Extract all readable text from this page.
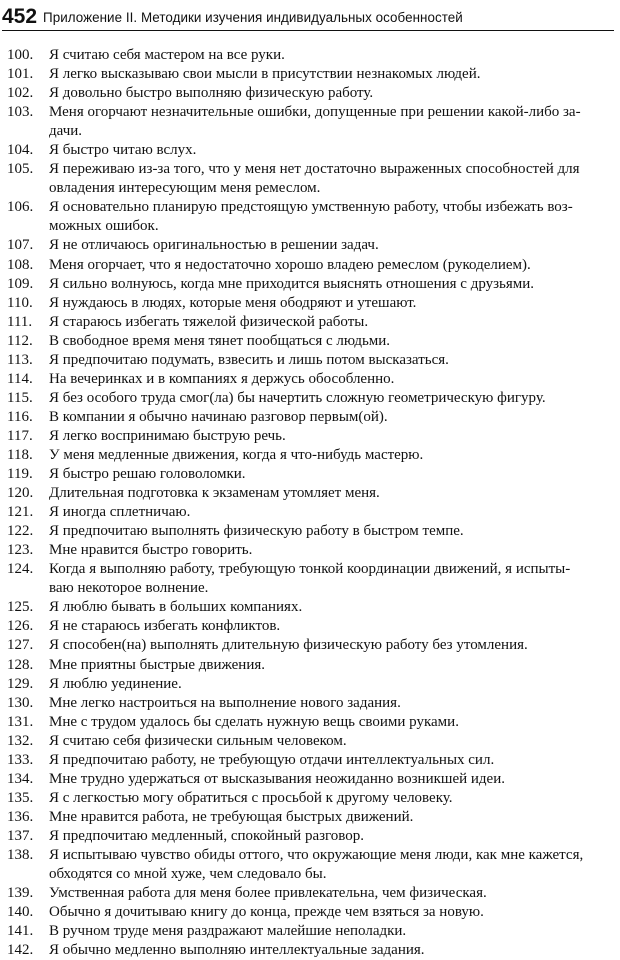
452 Приложение II. Методики изучения индивидуальных особенностей
100.	Я считаю себя мастером на все руки.
101.	Я легко высказываю свои мысли в присутствии незнакомых людей.
102.	Я довольно быстро выполняю физическую работу.
103.	Меня огорчают незначительные ошибки, допущенные при решении какой-либо за-
дачи.
104.	Я быстро читаю вслух.
105.	Я переживаю из-за того, что у меня нет достаточно выраженных способностей для
овладения интересующим меня ремеслом.
106.	Я основательно планирую предстоящую умственную работу, чтобы избежать воз-
можных ошибок.
107.	Я не отличаюсь оригинальностью в решении задач.
108.	Меня огорчает, что я недостаточно хорошо владею ремеслом (рукоделием).
109.	Я сильно волнуюсь, когда мне приходится выяснять отношения с друзьями.
110.	Я нуждаюсь в людях, которые меня ободряют и утешают.
111.	Я стараюсь избегать тяжелой физической работы.
112.	В свободное время меня тянет пообщаться с людьми.
113.	Я предпочитаю подумать, взвесить и лишь потом высказаться.
114.	На вечеринках и в компаниях я держусь обособленно.
115.	Я без особого труда смог(ла) бы начертить сложную геометрическую фигуру.
116.	В компании я обычно начинаю разговор первым(ой).
117.	Я легко воспринимаю быструю речь.
118.	У меня медленные движения, когда я что-нибудь мастерю.
119.	Я быстро решаю головоломки.
120.	Длительная подготовка к экзаменам утомляет меня.
121.	Я иногда сплетничаю.
122.	Я предпочитаю выполнять физическую работу в быстром темпе.
123.	Мне нравится быстро говорить.
124.	Когда я выполняю работу, требующую тонкой координации движений, я испыты-
ваю некоторое волнение.
125.	Я люблю бывать в больших компаниях.
126.	Я не стараюсь избегать конфликтов.
127.	Я способен(на) выполнять длительную физическую работу без утомления.
128.	Мне приятны быстрые движения.
129.	Я люблю уединение.
130.	Мне легко настроиться на выполнение нового задания.
131.	Мне с трудом удалось бы сделать нужную вещь своими руками.
132.	Я считаю себя физически сильным человеком.
133.	Я предпочитаю работу, не требующую отдачи интеллектуальных сил.
134.	Мне трудно удержаться от высказывания неожиданно возникшей идеи.
135.	Я с легкостью могу обратиться с просьбой к другому человеку.
136.	Мне нравится работа, не требующая быстрых движений.
137.	Я предпочитаю медленный, спокойный разговор.
138.	Я испытываю чувство обиды оттого, что окружающие меня люди, как мне кажется,
обходятся со мной хуже, чем следовало бы.
139.	Умственная работа для меня более привлекательна, чем физическая.
140.	Обычно я дочитываю книгу до конца, прежде чем взяться за новую.
141.	В ручном труде меня раздражают малейшие неполадки.
142.	Я обычно медленно выполняю интеллектуальные задания.
